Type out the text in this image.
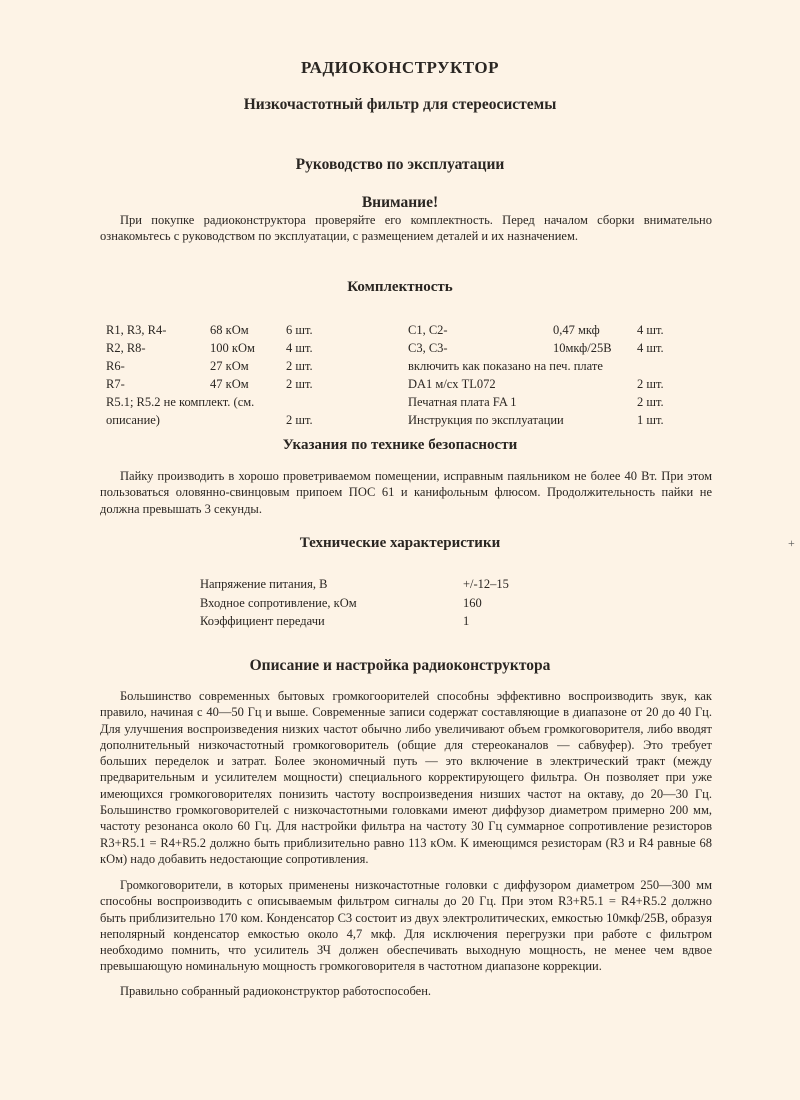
РАДИОКОНСТРУКТОР
Низкочастотный фильтр для стереосистемы
Руководство по эксплуатации
Внимание!
При покупке радиоконструктора проверяйте его комплектность. Перед началом сборки внимательно ознакомьтесь с руководством по эксплуатации, с размещением деталей и их назначением.
Комплектность
R1, R3, R4-	68 кОм	6 шт.
R2, R8-	100 кОм 4 шт.
R6-	27 кОм	2 шт.
R7-	47 кОм	2 шт.
R5.1; R5.2 не комплект. (см.
описание)	2 шт.
C1, C2-	0,47 мкф	4 шт.
C3, C3-	10мкф/25В 4 шт.
включить как показано на печ. плате
DA1 м/сх TL072	2 шт.
Печатная плата FA 1	2 шт.
Инструкция по эксплуатации	1 шт.
Указания по технике безопасности
Пайку производить в хорошо проветриваемом помещении, исправным паяльником не более 40 Вт. При этом пользоваться оловянно-свинцовым припоем ПОС 61 и канифольным флюсом. Продолжительность пайки не должна превышать 3 секунды.
Технические характеристики
Напряжение питания, В	+/-12–15
Входное сопротивление, кОм	160
Коэффициент передачи	1
Описание и настройка радиоконструктора
Большинство современных бытовых громкогоорителей способны эффективно воспроизводить звук, как правило, начиная с 40—50 Гц и выше. Современные записи содержат составляющие в диапазоне от 20 до 40 Гц. Для улучшения воспроизведения низких частот обычно либо увеличивают объем громкоговорителя, либо вводят дополнительный низкочастотный громкоговоритель (общие для стереоканалов — сабвуфер). Это требует больших переделок и затрат. Более экономичный путь — это включение в электрический тракт (между предварительным и усилителем мощности) специального корректирующего фильтра. Он позволяет при уже имеющихся громкоговорителях понизить частоту воспроизведения низших частот на октаву, до 20—30 Гц. Большинство громкоговорителей с низкочастотными головками имеют диффузор диаметром примерно 200 мм, частоту резонанса около 60 Гц. Для настройки фильтра на частоту 30 Гц суммарное сопротивление резисторов R3+R5.1 = R4+R5.2 должно быть приблизительно равно 113 кОм. К имеющимся резисторам (R3 и R4 равные 68 кОм) надо добавить недостающие сопротивления.
Громкоговорители, в которых применены низкочастотные головки с диффузором диаметром 250—300 мм способны воспроизводить с описываемым фильтром сигналы до 20 Гц. При этом R3+R5.1 = R4+R5.2 должно быть приблизительно 170 ком. Конденсатор С3 состоит из двух электролитических, емкостью 10мкф/25В, образуя неполярный конденсатор емкостью около 4,7 мкф. Для исключения перегрузки при работе с фильтром необходимо помнить, что усилитель ЗЧ должен обеспечивать выходную мощность, не менее чем вдвое превышающую номинальную мощность громкоговорителя в частотном диапазоне коррекции.
Правильно собранный радиоконструктор работоспособен.
+
